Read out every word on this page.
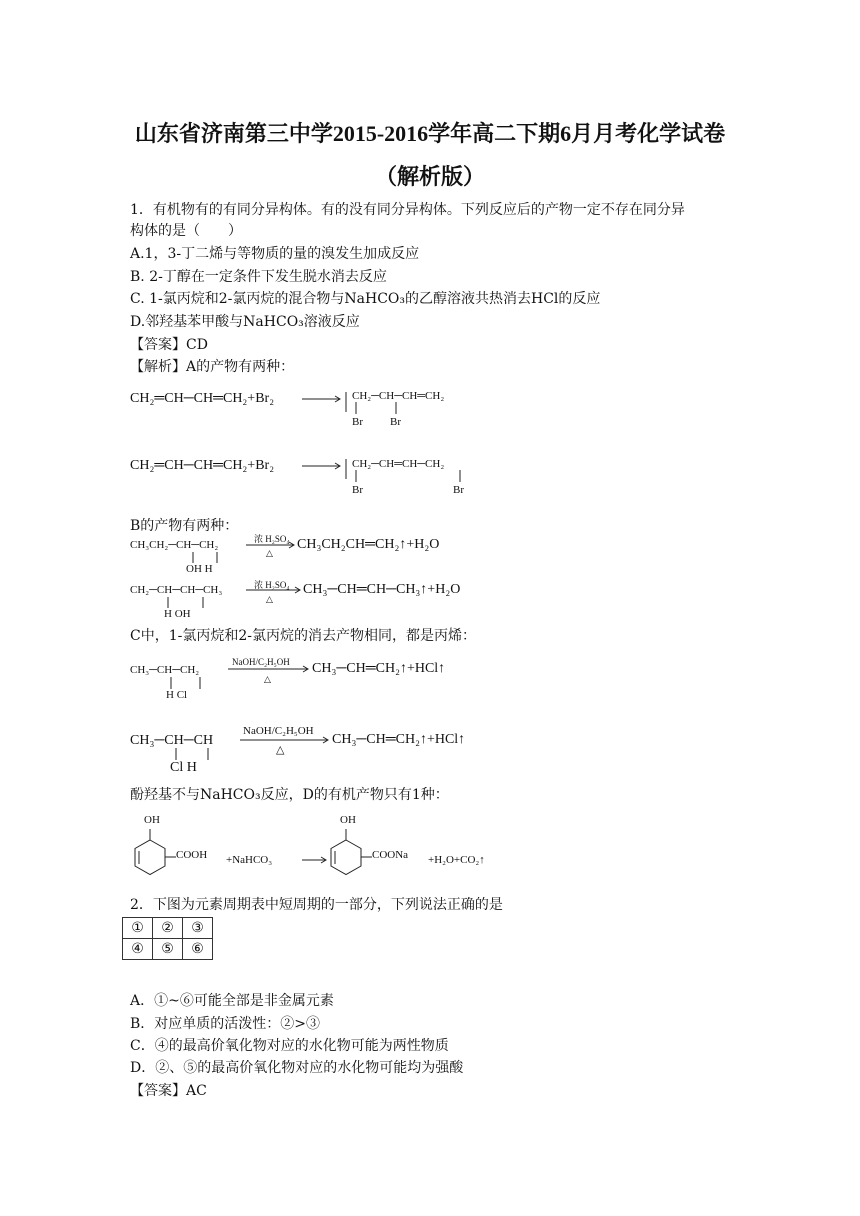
山东省济南第三中学2015-2016学年高二下期6月月考化学试卷
（解析版）
1．有机物有的有同分异构体。有的没有同分异构体。下列反应后的产物一定不存在同分异
构体的是（　　）
A.1，3-丁二烯与等物质的量的溴发生加成反应
B. 2-丁醇在一定条件下发生脱水消去反应
C. 1-氯丙烷和2-氯丙烷的混合物与NaHCO₃的乙醇溶液共热消去HCl的反应
D.邻羟基苯甲酸与NaHCO₃溶液反应
【答案】CD
【解析】A的产物有两种：
CH₂═CH─CH═CH₂+Br₂	CH₂─CH─CH═CH₂
Br Br
CH₂═CH─CH═CH₂+Br₂	CH₂─CH═CH─CH₂
Br	Br
B的产物有两种：
CH₃CH₂─CH─CH₂
OH H
浓 H₂SO₄
△
CH₃CH₂CH═CH₂↑+H₂O
CH₂─CH─CH─CH₃
H OH
浓 H₂SO₄
△
CH₃─CH═CH─CH₃↑+H₂O
C中，1-氯丙烷和2-氯丙烷的消去产物相同，都是丙烯：
CH₃─CH─CH₂
H Cl
NaOH/C₂H₅OH
△
CH₃─CH═CH₂↑+HCl↑
CH₃─CH─CH
Cl H
NaOH/C₂H₅OH
△
CH₃─CH═CH₂↑+HCl↑
酚羟基不与NaHCO₃反应，D的有机产物只有1种：
OH
COOH +NaHCO₃
OH
COONa +H₂O+CO₂↑
2．下图为元素周期表中短周期的一部分，下列说法正确的是
①	②	③
④	⑤	⑥
A．①~⑥可能全部是非金属元素
B．对应单质的活泼性：②>③
C．④的最高价氧化物对应的水化物可能为两性物质
D．②、⑤的最高价氧化物对应的水化物可能均为强酸
【答案】AC
